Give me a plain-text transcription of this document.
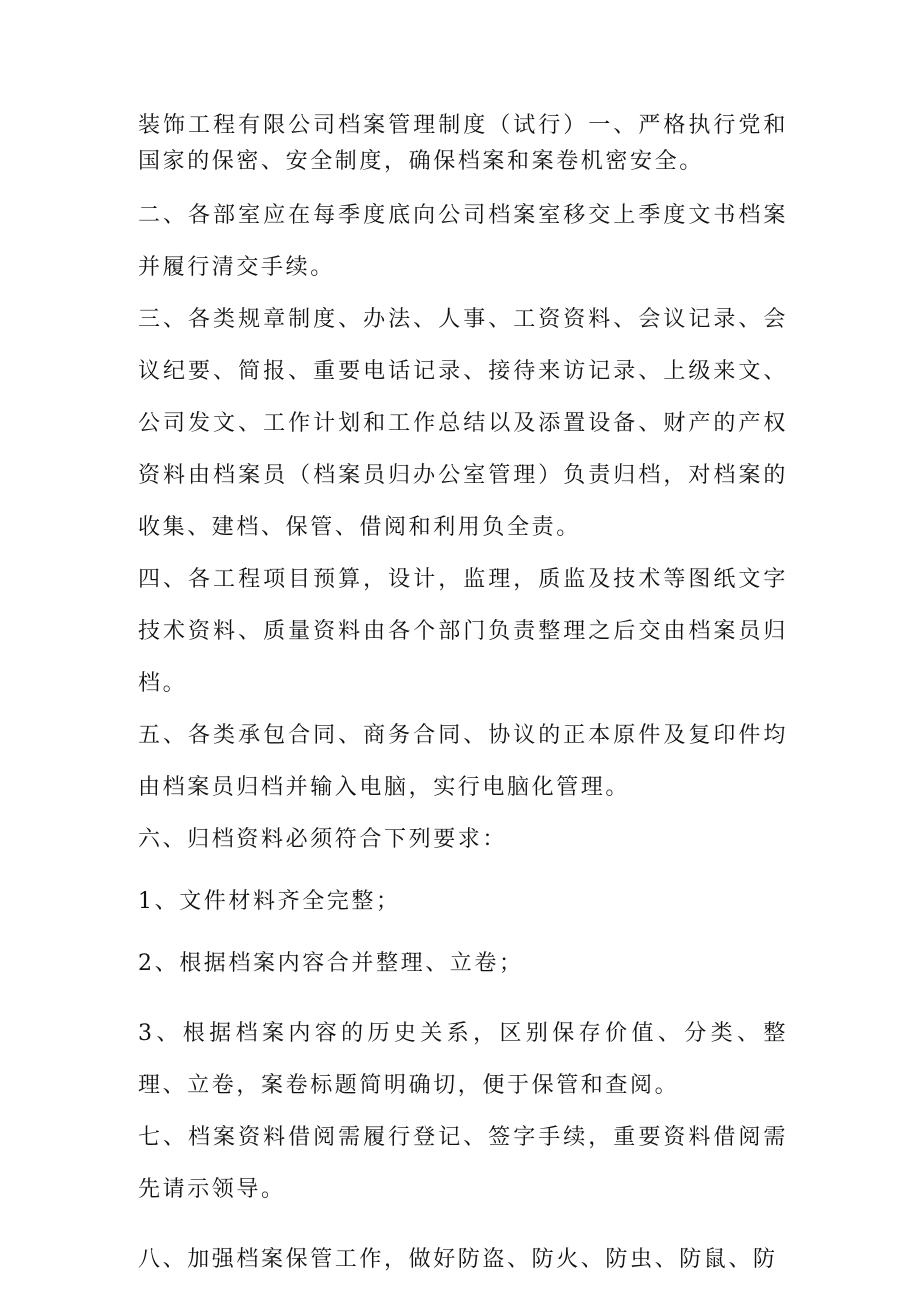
装饰工程有限公司档案管理制度（试行）一、严格执行党和国家的保密、安全制度，确保档案和案卷机密安全。

二、各部室应在每季度底向公司档案室移交上季度文书档案并履行清交手续。

三、各类规章制度、办法、人事、工资资料、会议记录、会议纪要、简报、重要电话记录、接待来访记录、上级来文、公司发文、工作计划和工作总结以及添置设备、财产的产权资料由档案员（档案员归办公室管理）负责归档，对档案的收集、建档、保管、借阅和利用负全责。

四、各工程项目预算，设计，监理，质监及技术等图纸文字技术资料、质量资料由各个部门负责整理之后交由档案员归档。

五、各类承包合同、商务合同、协议的正本原件及复印件均由档案员归档并输入电脑，实行电脑化管理。

六、归档资料必须符合下列要求：

1、文件材料齐全完整；

2、根据档案内容合并整理、立卷；

3、根据档案内容的历史关系，区别保存价值、分类、整理、立卷，案卷标题简明确切，便于保管和查阅。

七、档案资料借阅需履行登记、签字手续，重要资料借阅需先请示领导。

八、加强档案保管工作，做好防盗、防火、防虫、防鼠、防
